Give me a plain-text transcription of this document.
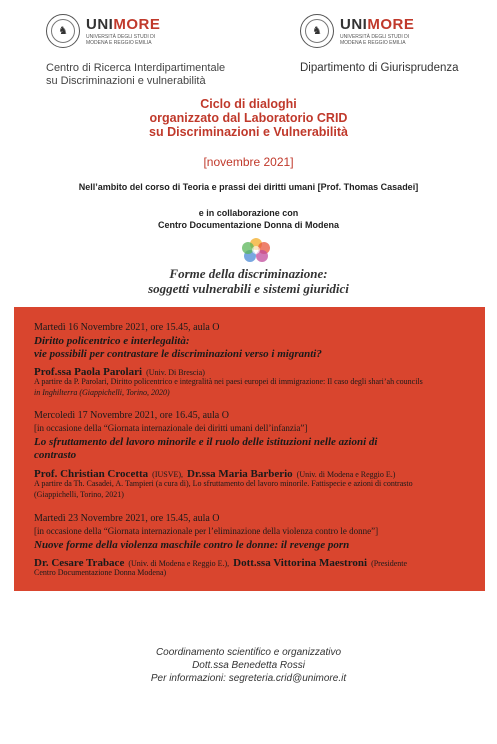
♞	UNIMORE
UNIVERSITÀ DEGLI STUDI DI MODENA E REGGIO EMILIA
Centro di Ricerca Interdipartimentale
su Discriminazioni e vulnerabilità
♞	UNIMORE
UNIVERSITÀ DEGLI STUDI DI MODENA E REGGIO EMILIA
Dipartimento di Giurisprudenza
Ciclo di dialoghi
organizzato dal Laboratorio CRID
su Discriminazioni e Vulnerabilità
[novembre 2021]
Nell’ambito del corso di Teoria e prassi dei diritti umani [Prof. Thomas Casadei]
e in collaborazione con
Centro Documentazione Donna di Modena
Forme della discriminazione:
soggetti vulnerabili e sistemi giuridici
Martedì 16 Novembre 2021, ore 15.45, aula O
Diritto policentrico e interlegalità:
vie possibili per contrastare le discriminazioni verso i migranti?
Prof.ssa Paola Parolari (Univ. Di Brescia)
A partire da P. Parolari, Diritto policentrico e integralità nei paesi europei di immigrazione: Il caso degli shari’ah councils
in Inghilterra (Giappichelli, Torino, 2020)
Mercoledì 17 Novembre 2021, ore 16.45, aula O
[in occasione della “Giornata internazionale dei diritti umani dell’infanzia”]
Lo sfruttamento del lavoro minorile e il ruolo delle istituzioni nelle azioni di
contrasto
Prof. Christian Crocetta (IUSVE), Dr.ssa Maria Barberio (Univ. di Modena e Reggio E.)
A partire da Th. Casadei, A. Tampieri (a cura di), Lo sfruttamento del lavoro minorile. Fattispecie e azioni di contrasto
(Giappichelli, Torino, 2021)
Martedì 23 Novembre 2021, ore 15.45, aula O
[in occasione della “Giornata internazionale per l’eliminazione della violenza contro le donne”]
Nuove forme della violenza maschile contro le donne: il revenge porn
Dr. Cesare Trabace (Univ. di Modena e Reggio E.), Dott.ssa Vittorina Maestroni (Presidente
Centro Documentazione Donna Modena)
Coordinamento scientifico e organizzativo
Dott.ssa Benedetta Rossi
Per informazioni: segreteria.crid@unimore.it
